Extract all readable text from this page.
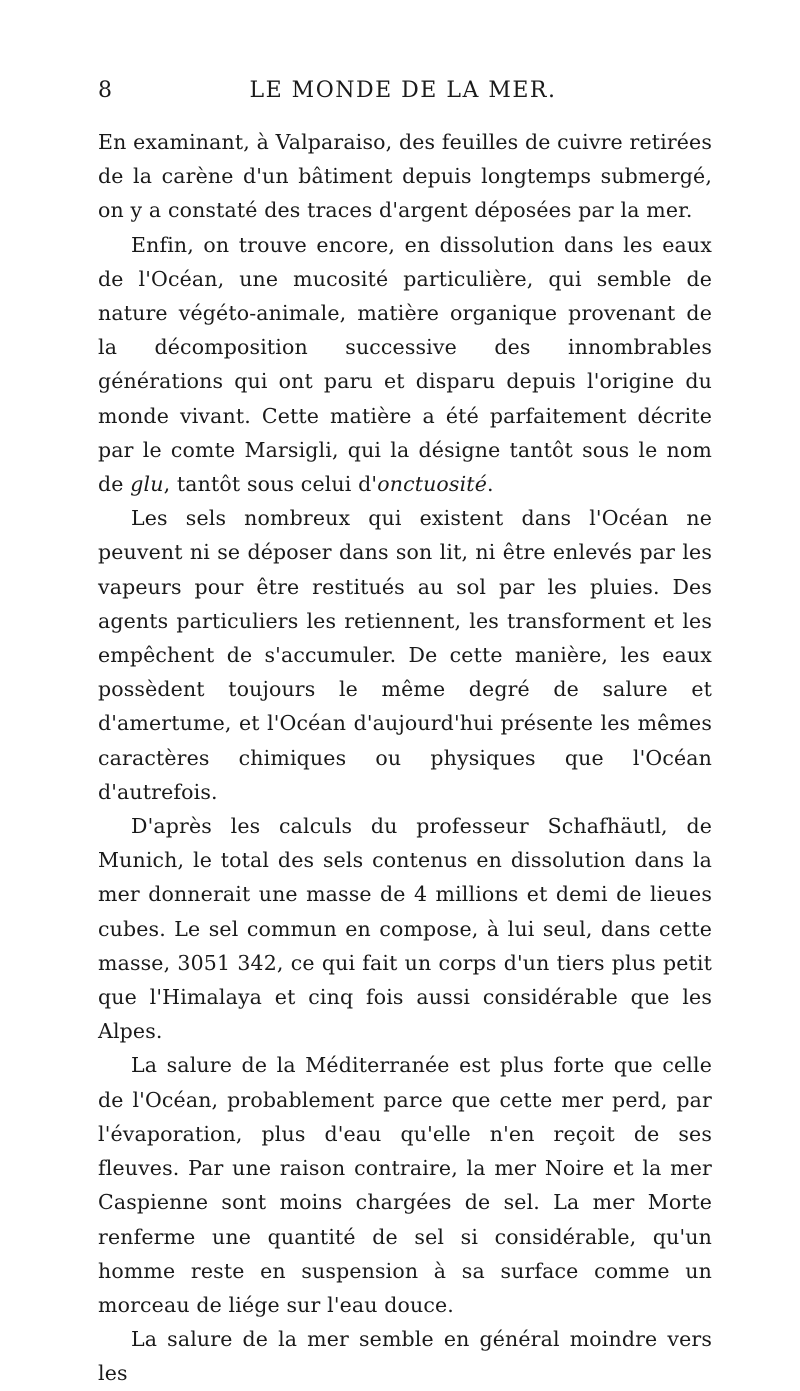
8	LE MONDE DE LA MER.

En examinant, à Valparaiso, des feuilles de cuivre retirées de la carène d'un bâtiment depuis longtemps submergé, on y a constaté des traces d'argent déposées par la mer.

Enfin, on trouve encore, en dissolution dans les eaux de l'Océan, une mucosité particulière, qui semble de nature végéto-animale, matière organique provenant de la décomposition successive des innombrables générations qui ont paru et disparu depuis l'origine du monde vivant. Cette matière a été parfaitement décrite par le comte Marsigli, qui la désigne tantôt sous le nom de glu, tantôt sous celui d'onctuosité.

Les sels nombreux qui existent dans l'Océan ne peuvent ni se déposer dans son lit, ni être enlevés par les vapeurs pour être restitués au sol par les pluies. Des agents particuliers les retiennent, les transforment et les empêchent de s'accumuler. De cette manière, les eaux possèdent toujours le même degré de salure et d'amertume, et l'Océan d'aujourd'hui présente les mêmes caractères chimiques ou physiques que l'Océan d'autrefois.

D'après les calculs du professeur Schafhäutl, de Munich, le total des sels contenus en dissolution dans la mer donnerait une masse de 4 millions et demi de lieues cubes. Le sel commun en compose, à lui seul, dans cette masse, 3051 342, ce qui fait un corps d'un tiers plus petit que l'Himalaya et cinq fois aussi considérable que les Alpes.

La salure de la Méditerranée est plus forte que celle de l'Océan, probablement parce que cette mer perd, par l'évaporation, plus d'eau qu'elle n'en reçoit de ses fleuves. Par une raison contraire, la mer Noire et la mer Caspienne sont moins chargées de sel. La mer Morte renferme une quantité de sel si considérable, qu'un homme reste en suspension à sa surface comme un morceau de liége sur l'eau douce.

La salure de la mer semble en général moindre vers les
